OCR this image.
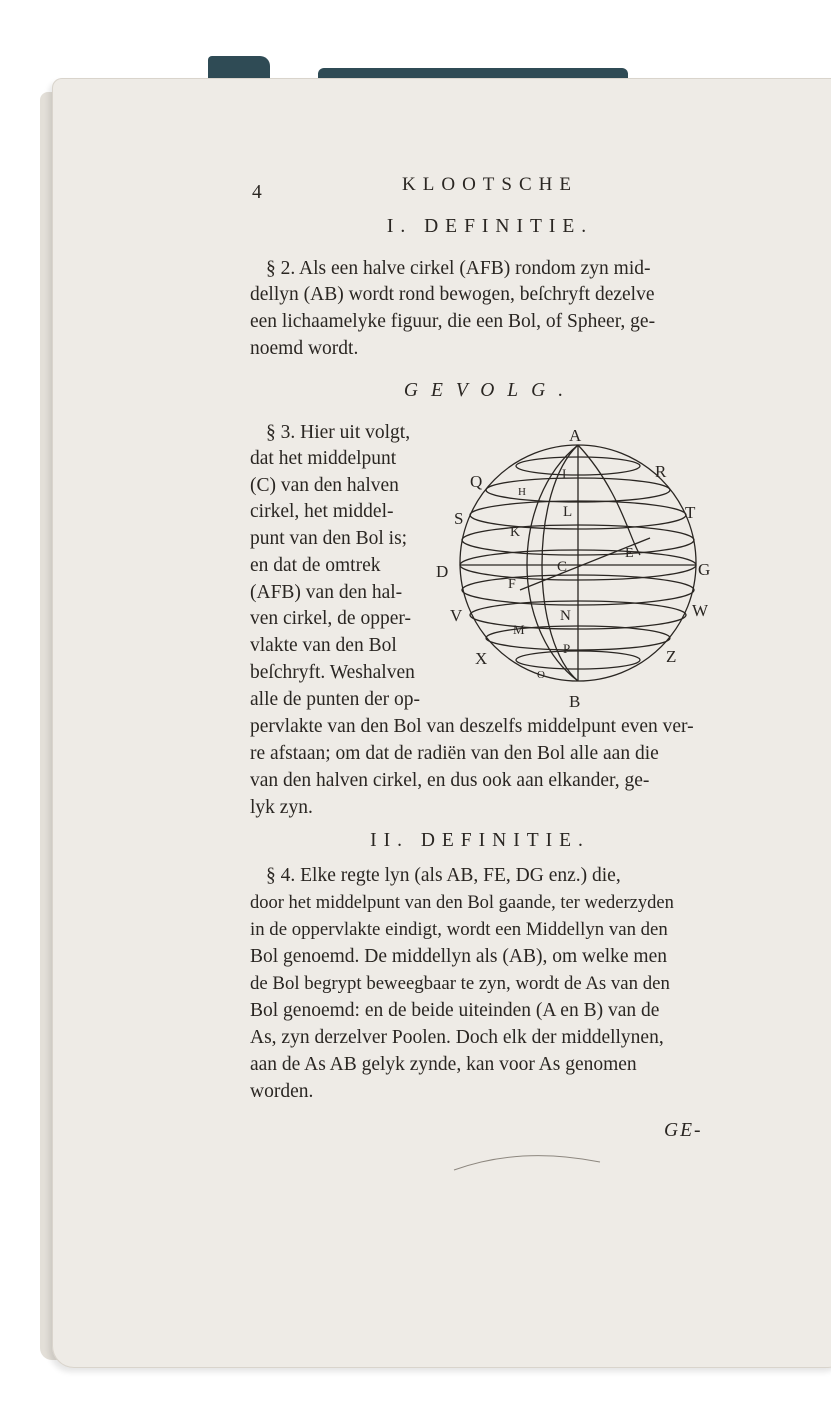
4	KLOOTSCHE
I. DEFINITIE.
§ 2. Als een halve cirkel (AFB) rondom zyn mid-
dellyn (AB) wordt rond bewogen, beſchryft dezelve
een lichaamelyke figuur, die een Bol, of Spheer, ge-
noemd wordt.
GEVOLG.
§ 3. Hier uit volgt,
dat het middelpunt
(C) van den halven
cirkel, het middel-
punt van den Bol is;
en dat de omtrek
(AFB) van den hal-
ven cirkel, de opper-
vlakte van den Bol
beſchryft. Weshalven
alle de punten der op-
pervlakte van den Bol van deszelfs middelpunt even ver-
re afstaan; om dat de radiën van den Bol alle aan die
van den halven cirkel, en dus ook aan elkander, ge-
lyk zyn.
A
I	R
Q
H
L
S	T
K
E
C
D	G
F
N
V	W
M
P
X	Z
O
B
II. DEFINITIE.
§ 4. Elke regte lyn (als AB, FE, DG enz.) die,
door het middelpunt van den Bol gaande, ter wederzyden
in de oppervlakte eindigt, wordt een Middellyn van den
Bol genoemd. De middellyn als (AB), om welke men
de Bol begrypt beweegbaar te zyn, wordt de As van den
Bol genoemd: en de beide uiteinden (A en B) van de
As, zyn derzelver Poolen. Doch elk der middellynen,
aan de As AB gelyk zynde, kan voor As genomen
worden.
GE-
